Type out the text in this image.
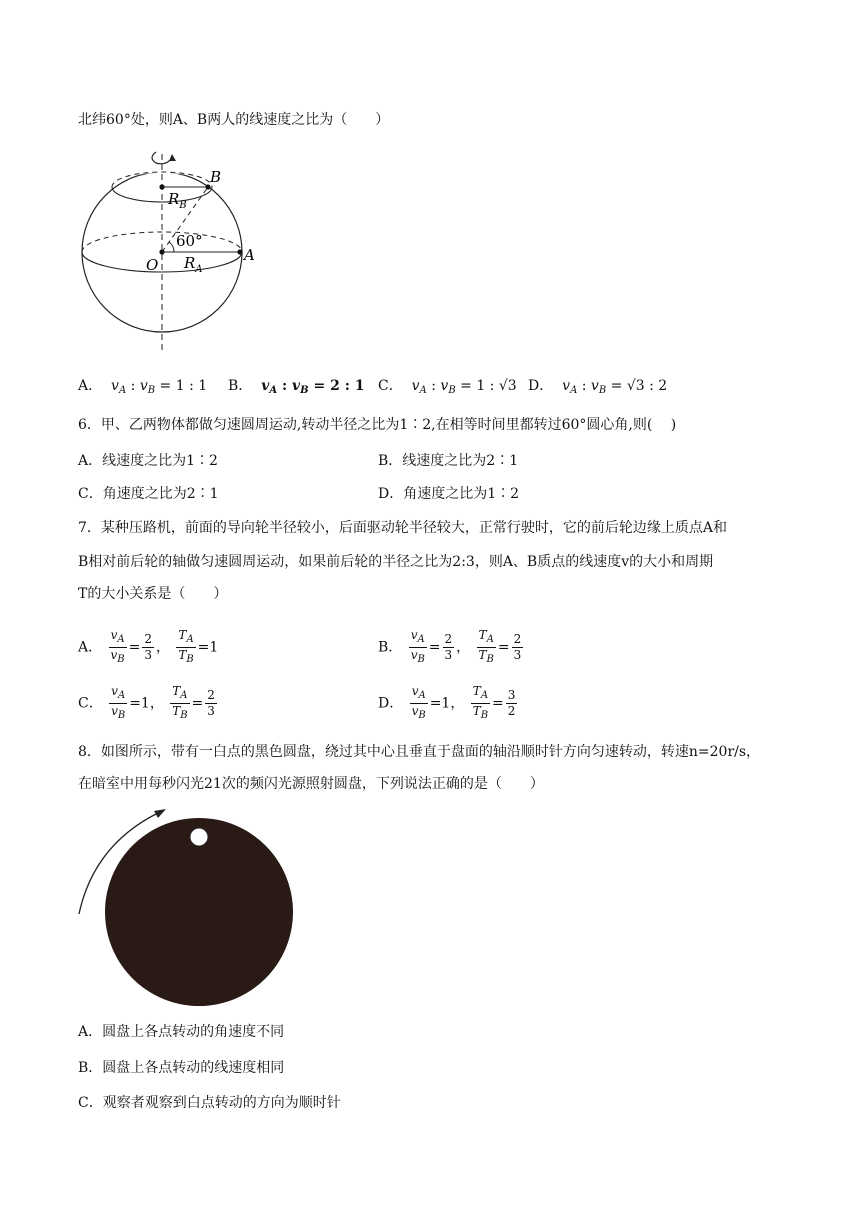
北纬60°处，则A、B两人的线速度之比为（　　）
B
$R_B$
60°
O $R_A$
A
A． $v_A$ : $v_B = 1$ : 1 B． $v_A$ : $v_B = 2$ : 1 C． $v_A$ : $v_B = 1$ : √3 D． $v_A$ : $v_B = √3$ : 2
6．甲、乙两物体都做匀速圆周运动,转动半径之比为1∶2,在相等时间里都转过60°圆心角,则(　 )
A．线速度之比为1∶2	B．线速度之比为2∶1
C．角速度之比为2∶1	D．角速度之比为1∶2
7．某种压路机，前面的导向轮半径较小，后面驱动轮半径较大，正常行驶时，它的前后轮边缘上质点A和
B相对前后轮的轴做匀速圆周运动，如果前后轮的半径之比为2:3，则A、B质点的线速度v的大小和周期
T的大小关系是（　　）
A． $\frac{v_A}{v_B} = \frac{2}{3}$ ， $\frac{T_A}{T_B} =1$	B． $\frac{v_A}{v_B} = \frac{2}{3}$ ， $\frac{T_A}{T_B} = \frac{2}{3}$
C． $\frac{v_A}{v_B} =1$， $\frac{T_A}{T_B} = \frac{2}{3}$	D． $\frac{v_A}{v_B} =1$， $\frac{T_A}{T_B} = \frac{3}{2}$
8．如图所示，带有一白点的黑色圆盘，绕过其中心且垂直于盘面的轴沿顺时针方向匀速转动，转速n=20r/s，
在暗室中用每秒闪光21次的频闪光源照射圆盘，下列说法正确的是（　　）
A．圆盘上各点转动的角速度不同
B．圆盘上各点转动的线速度相同
C．观察者观察到白点转动的方向为顺时针
